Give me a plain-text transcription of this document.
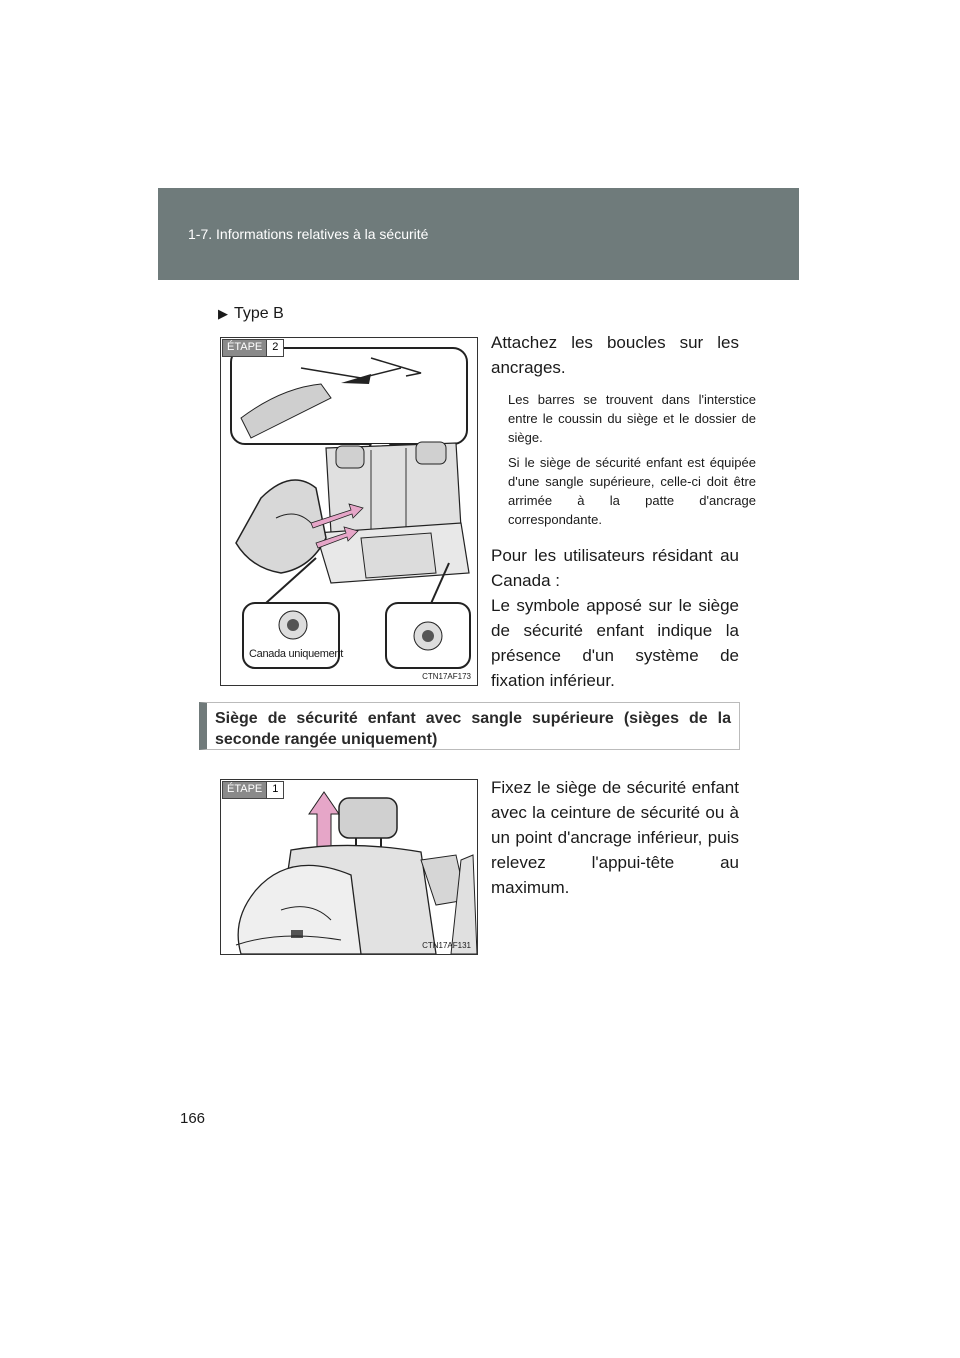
1-7. Informations relatives à la sécurité
▶ Type B
ÉTAPE 2
Canada uniquement
CTN17AF173

Attachez les boucles sur les ancrages.

Les barres se trouvent dans l'interstice entre le coussin du siège et le dossier de siège.

Si le siège de sécurité enfant est équipée d'une sangle supérieure, celle-ci doit être arrimée à la patte d'ancrage correspondante.

Pour les utilisateurs résidant au Canada :

Le symbole apposé sur le siège de sécurité enfant indique la présence d'un système de fixation inférieur.

Siège de sécurité enfant avec sangle supérieure (sièges de la seconde rangée uniquement)

ÉTAPE 1
CTN17AF131

Fixez le siège de sécurité enfant avec la ceinture de sécurité ou à un point d'ancrage inférieur, puis relevez l'appui-tête au maximum.

166
